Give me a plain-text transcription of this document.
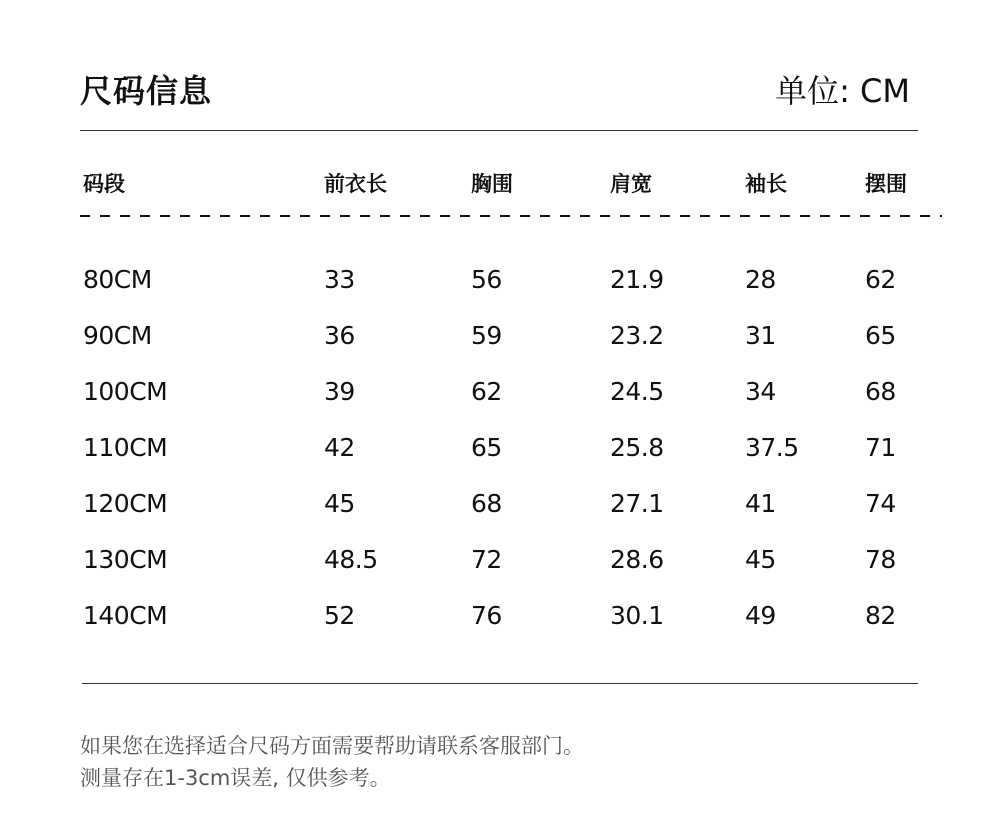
尺码信息	单位: CM
码段	前衣长	胸围	肩宽	袖长	摆围
80CM	33	56	21.9	28	62
90CM	36	59	23.2	31	65
100CM	39	62	24.5	34	68
110CM	42	65	25.8	37.5	71
120CM	45	68	27.1	41	74
130CM	48.5	72	28.6	45	78
140CM	52	76	30.1	49	82
如果您在选择适合尺码方面需要帮助请联系客服部门。
测量存在1-3cm误差, 仅供参考。
